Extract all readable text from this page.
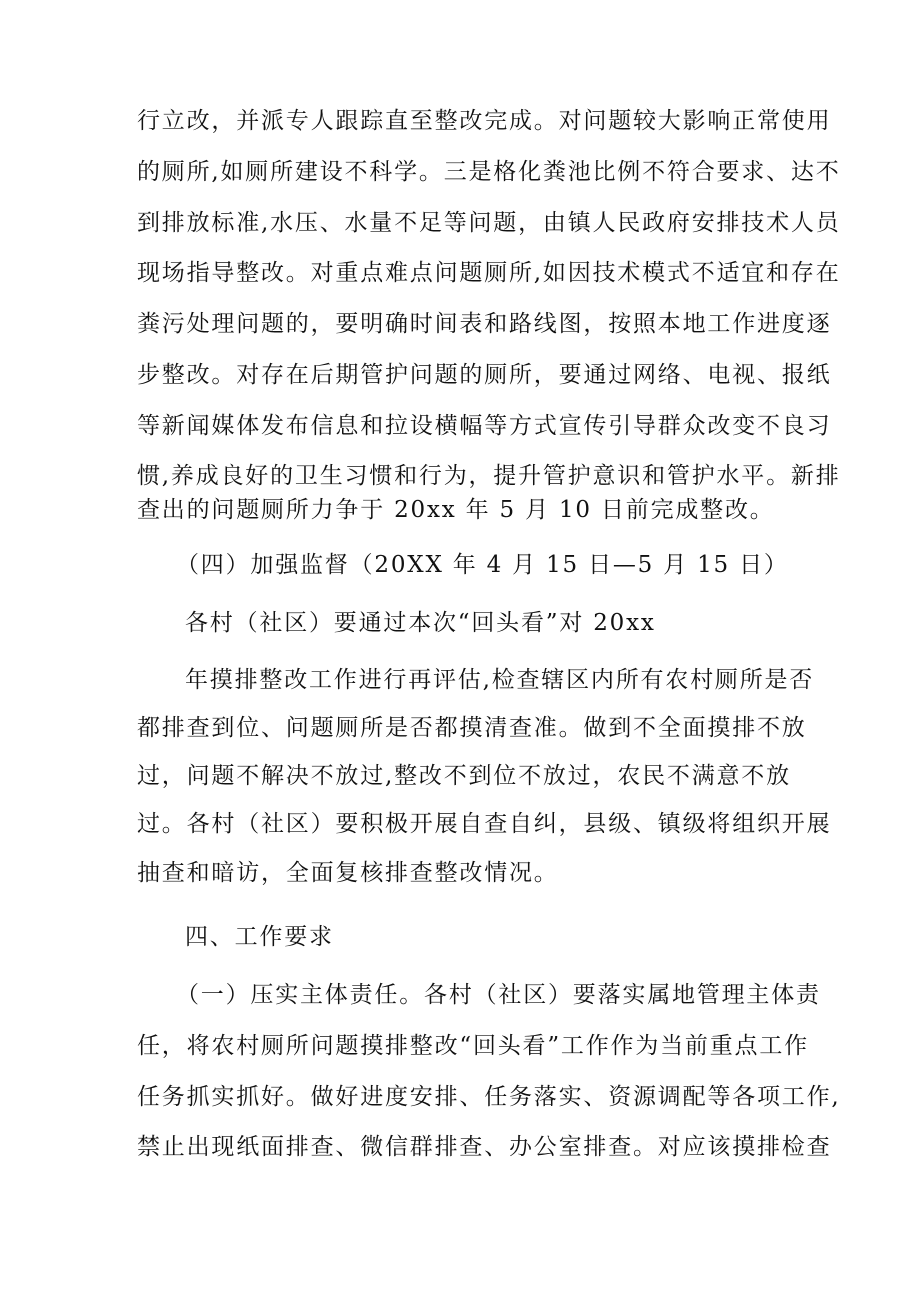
行立改，并派专人跟踪直至整改完成。对问题较大影响正常使用
的厕所,如厕所建设不科学。三是格化粪池比例不符合要求、达不
到排放标准,水压、水量不足等问题，由镇人民政府安排技术人员
现场指导整改。对重点难点问题厕所,如因技术模式不适宜和存在
粪污处理问题的，要明确时间表和路线图，按照本地工作进度逐
步整改。对存在后期管护问题的厕所，要通过网络、电视、报纸
等新闻媒体发布信息和拉设横幅等方式宣传引导群众改变不良习
惯,养成良好的卫生习惯和行为，提升管护意识和管护水平。新排
查出的问题厕所力争于 20xx 年 5 月 10 日前完成整改。
（四）加强监督（20XX 年 4 月 15 日—5 月 15 日）
各村（社区）要通过本次“回头看”对 20xx
年摸排整改工作进行再评估,检查辖区内所有农村厕所是否
都排查到位、问题厕所是否都摸清查准。做到不全面摸排不放
过，问题不解决不放过,整改不到位不放过，农民不满意不放
过。各村（社区）要积极开展自查自纠，县级、镇级将组织开展
抽查和暗访，全面复核排查整改情况。
四、工作要求
（一）压实主体责任。各村（社区）要落实属地管理主体责
任，将农村厕所问题摸排整改“回头看”工作作为当前重点工作
任务抓实抓好。做好进度安排、任务落实、资源调配等各项工作,
禁止出现纸面排查、微信群排查、办公室排查。对应该摸排检查
